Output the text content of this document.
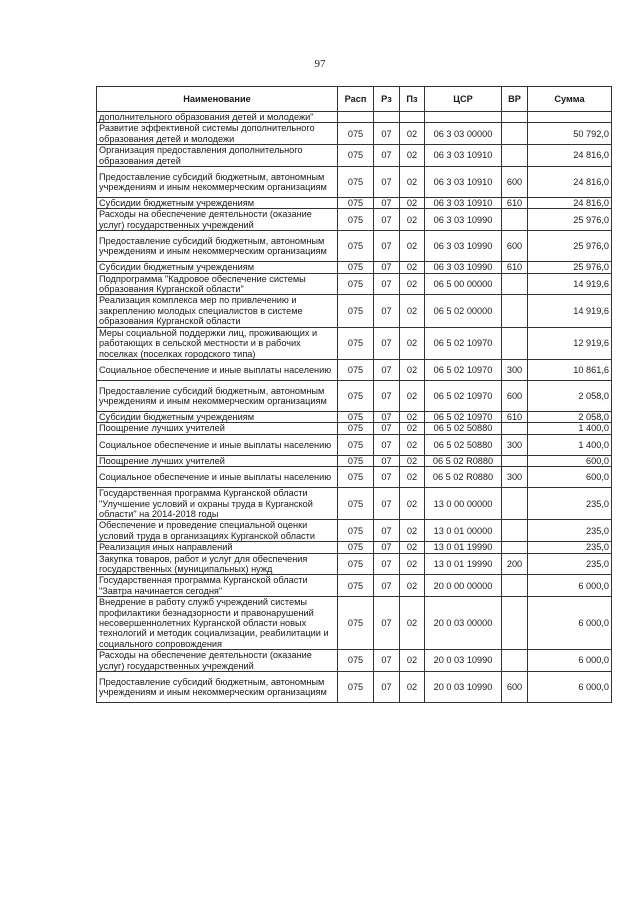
97
Наименование	Расп	Рз	Пз	ЦСР	ВР	Сумма
дополнительного образования детей и молодежи"						
Развитие эффективной системы дополнительного образования детей и молодежи	075	07	02	06 3 03 00000		50 792,0
Организация предоставления дополнительного образования детей	075	07	02	06 3 03 10910		24 816,0
Предоставление субсидий бюджетным, автономным учреждениям и иным некоммерческим организациям	075	07	02	06 3 03 10910	600	24 816,0
Субсидии бюджетным учреждениям	075	07	02	06 3 03 10910	610	24 816,0
Расходы на обеспечение деятельности (оказание услуг) государственных учреждений	075	07	02	06 3 03 10990		25 976,0
Предоставление субсидий бюджетным, автономным учреждениям и иным некоммерческим организациям	075	07	02	06 3 03 10990	600	25 976,0
Субсидии бюджетным учреждениям	075	07	02	06 3 03 10990	610	25 976,0
Подпрограмма "Кадровое обеспечение системы образования Курганской области"	075	07	02	06 5 00 00000		14 919,6
Реализация комплекса мер по привлечению и закреплению молодых специалистов в системе образования Курганской области	075	07	02	06 5 02 00000		14 919,6
Меры социальной поддержки лиц, проживающих и работающих в сельской местности и в рабочих поселках (поселках городского типа)	075	07	02	06 5 02 10970		12 919,6
Социальное обеспечение и иные выплаты населению	075	07	02	06 5 02 10970	300	10 861,6
Предоставление субсидий бюджетным, автономным учреждениям и иным некоммерческим организациям	075	07	02	06 5 02 10970	600	2 058,0
Субсидии бюджетным учреждениям	075	07	02	06 5 02 10970	610	2 058,0
Поощрение лучших учителей	075	07	02	06 5 02 50880		1 400,0
Социальное обеспечение и иные выплаты населению	075	07	02	06 5 02 50880	300	1 400,0
Поощрение лучших учителей	075	07	02	06 5 02 R0880		600,0
Социальное обеспечение и иные выплаты населению	075	07	02	06 5 02 R0880	300	600,0
Государственная программа Курганской области "Улучшение условий и охраны труда в Курганской области" на 2014-2018 годы	075	07	02	13 0 00 00000		235,0
Обеспечение и проведение специальной оценки условий труда в организациях Курганской области	075	07	02	13 0 01 00000		235,0
Реализация иных направлений	075	07	02	13 0 01 19990		235,0
Закупка товаров, работ и услуг для обеспечения государственных (муниципальных) нужд	075	07	02	13 0 01 19990	200	235,0
Государственная программа Курганской области "Завтра начинается сегодня"	075	07	02	20 0 00 00000		6 000,0
Внедрение в работу служб учреждений системы профилактики безнадзорности и правонарушений несовершеннолетних Курганской области новых технологий и методик социализации, реабилитации и социального сопровождения	075	07	02	20 0 03 00000		6 000,0
Расходы на обеспечение деятельности (оказание услуг) государственных учреждений	075	07	02	20 0 03 10990		6 000,0
Предоставление субсидий бюджетным, автономным учреждениям и иным некоммерческим организациям	075	07	02	20 0 03 10990	600	6 000,0
